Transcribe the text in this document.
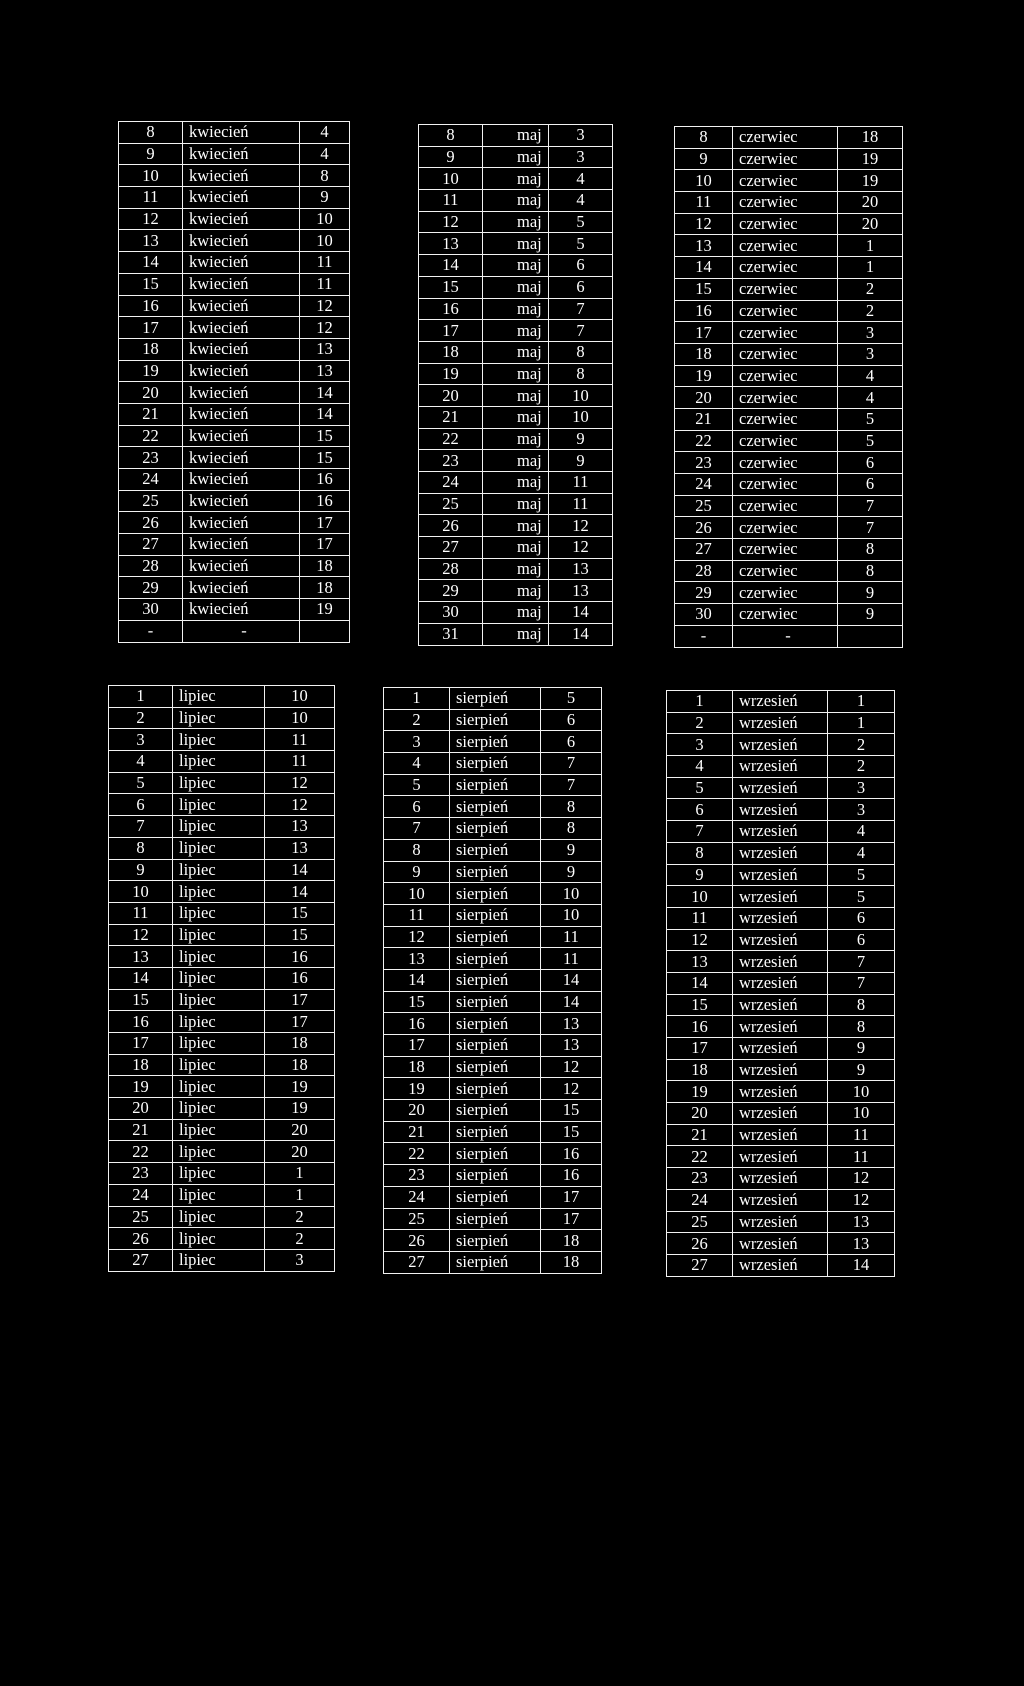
8	kwiecień	4
9	kwiecień	4
10	kwiecień	8
11	kwiecień	9
12	kwiecień	10
13	kwiecień	10
14	kwiecień	11
15	kwiecień	11
16	kwiecień	12
17	kwiecień	12
18	kwiecień	13
19	kwiecień	13
20	kwiecień	14
21	kwiecień	14
22	kwiecień	15
23	kwiecień	15
24	kwiecień	16
25	kwiecień	16
26	kwiecień	17
27	kwiecień	17
28	kwiecień	18
29	kwiecień	18
30	kwiecień	19
-	-	
8	maj	3
9	maj	3
10	maj	4
11	maj	4
12	maj	5
13	maj	5
14	maj	6
15	maj	6
16	maj	7
17	maj	7
18	maj	8
19	maj	8
20	maj	10
21	maj	10
22	maj	9
23	maj	9
24	maj	11
25	maj	11
26	maj	12
27	maj	12
28	maj	13
29	maj	13
30	maj	14
31	maj	14
8	czerwiec	18
9	czerwiec	19
10	czerwiec	19
11	czerwiec	20
12	czerwiec	20
13	czerwiec	1
14	czerwiec	1
15	czerwiec	2
16	czerwiec	2
17	czerwiec	3
18	czerwiec	3
19	czerwiec	4
20	czerwiec	4
21	czerwiec	5
22	czerwiec	5
23	czerwiec	6
24	czerwiec	6
25	czerwiec	7
26	czerwiec	7
27	czerwiec	8
28	czerwiec	8
29	czerwiec	9
30	czerwiec	9
-	-	
1	lipiec	10
2	lipiec	10
3	lipiec	11
4	lipiec	11
5	lipiec	12
6	lipiec	12
7	lipiec	13
8	lipiec	13
9	lipiec	14
10	lipiec	14
11	lipiec	15
12	lipiec	15
13	lipiec	16
14	lipiec	16
15	lipiec	17
16	lipiec	17
17	lipiec	18
18	lipiec	18
19	lipiec	19
20	lipiec	19
21	lipiec	20
22	lipiec	20
23	lipiec	1
24	lipiec	1
25	lipiec	2
26	lipiec	2
27	lipiec	3
1	sierpień	5
2	sierpień	6
3	sierpień	6
4	sierpień	7
5	sierpień	7
6	sierpień	8
7	sierpień	8
8	sierpień	9
9	sierpień	9
10	sierpień	10
11	sierpień	10
12	sierpień	11
13	sierpień	11
14	sierpień	14
15	sierpień	14
16	sierpień	13
17	sierpień	13
18	sierpień	12
19	sierpień	12
20	sierpień	15
21	sierpień	15
22	sierpień	16
23	sierpień	16
24	sierpień	17
25	sierpień	17
26	sierpień	18
27	sierpień	18
1	wrzesień	1
2	wrzesień	1
3	wrzesień	2
4	wrzesień	2
5	wrzesień	3
6	wrzesień	3
7	wrzesień	4
8	wrzesień	4
9	wrzesień	5
10	wrzesień	5
11	wrzesień	6
12	wrzesień	6
13	wrzesień	7
14	wrzesień	7
15	wrzesień	8
16	wrzesień	8
17	wrzesień	9
18	wrzesień	9
19	wrzesień	10
20	wrzesień	10
21	wrzesień	11
22	wrzesień	11
23	wrzesień	12
24	wrzesień	12
25	wrzesień	13
26	wrzesień	13
27	wrzesień	14
